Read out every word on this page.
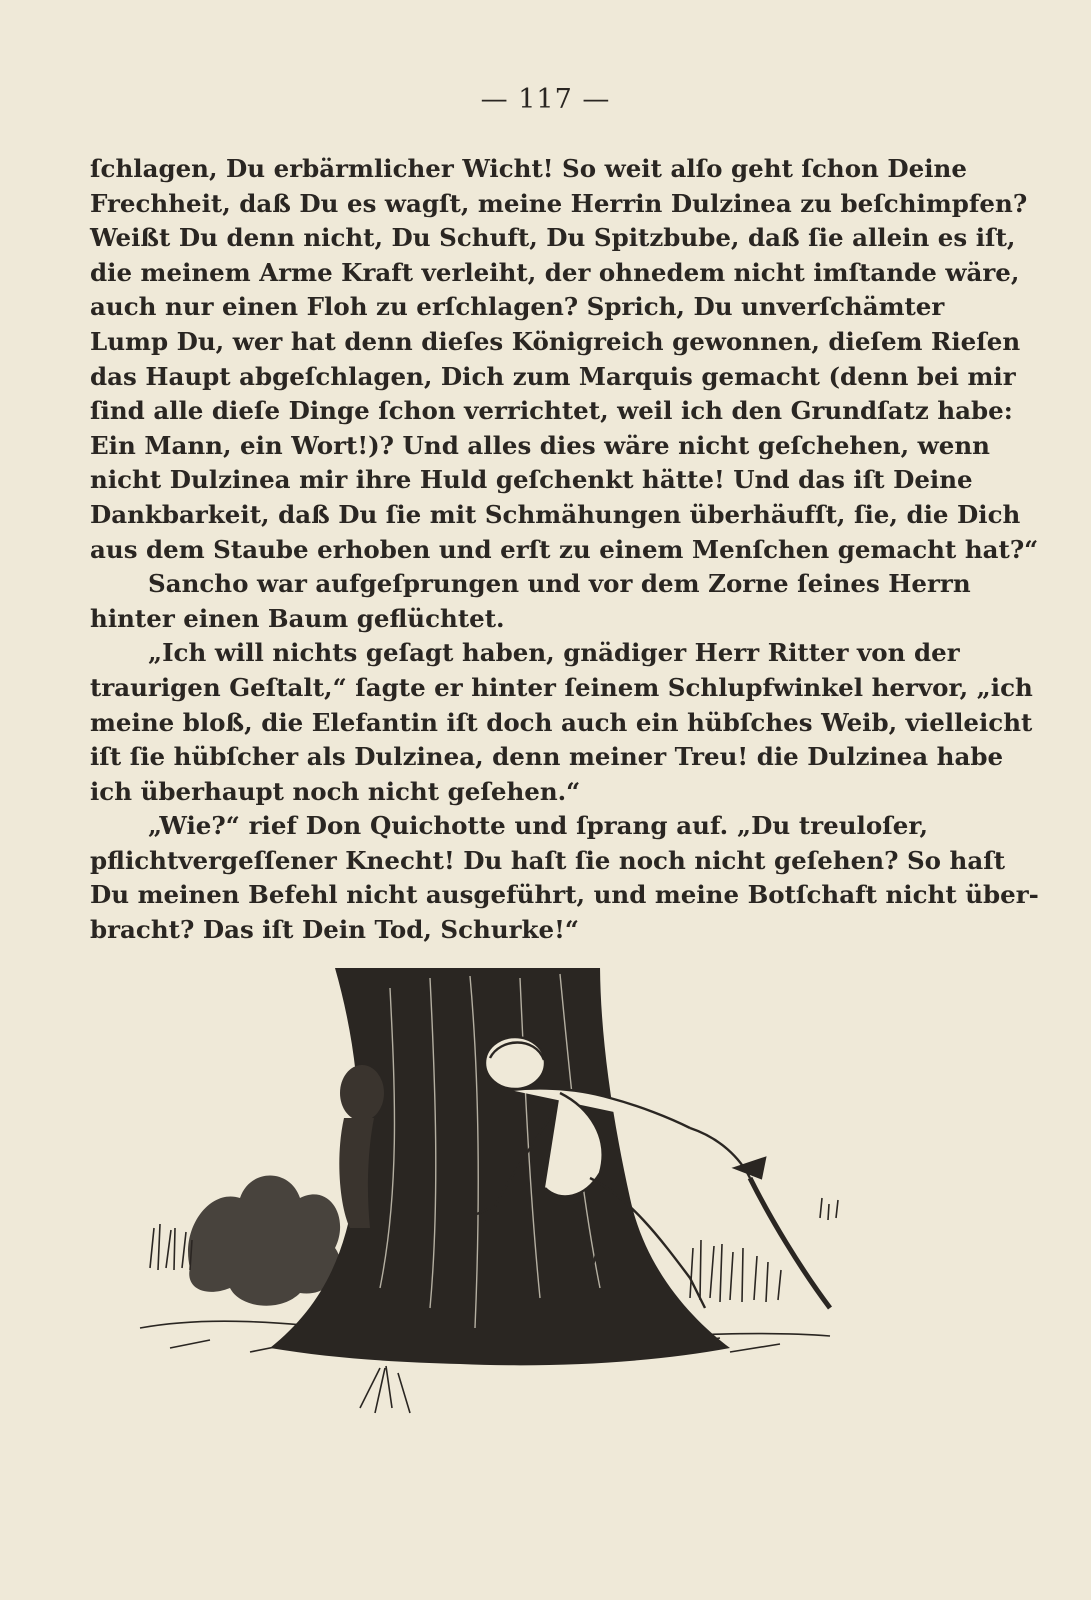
— 117 —
ſchlagen, Du erbärmlicher Wicht! So weit alſo geht ſchon Deine
Frechheit, daß Du es wagſt, meine Herrin Dulzinea zu beſchimpfen?
Weißt Du denn nicht, Du Schuft, Du Spitzbube, daß ſie allein es iſt,
die meinem Arme Kraft verleiht, der ohnedem nicht imſtande wäre,
auch nur einen Floh zu erſchlagen? Sprich, Du unverſchämter
Lump Du, wer hat denn dieſes Königreich gewonnen, dieſem Rieſen
das Haupt abgeſchlagen, Dich zum Marquis gemacht (denn bei mir
ſind alle dieſe Dinge ſchon verrichtet, weil ich den Grundſatz habe:
Ein Mann, ein Wort!)? Und alles dies wäre nicht geſchehen, wenn
nicht Dulzinea mir ihre Huld geſchenkt hätte! Und das iſt Deine
Dankbarkeit, daß Du ſie mit Schmähungen überhäufſt, ſie, die Dich
aus dem Staube erhoben und erſt zu einem Menſchen gemacht hat?“
Sancho war aufgeſprungen und vor dem Zorne ſeines Herrn
hinter einen Baum geflüchtet.
„Ich will nichts geſagt haben, gnädiger Herr Ritter von der
traurigen Geſtalt,“ ſagte er hinter ſeinem Schlupfwinkel hervor, „ich
meine bloß, die Elefantin iſt doch auch ein hübſches Weib, vielleicht
iſt ſie hübſcher als Dulzinea, denn meiner Treu! die Dulzinea habe
ich überhaupt noch nicht geſehen.“
„Wie?“ rief Don Quichotte und ſprang auf. „Du treuloſer,
pflichtvergeſſener Knecht! Du haſt ſie noch nicht geſehen? So haſt
Du meinen Befehl nicht ausgeführt, und meine Botſchaft nicht über-
bracht? Das iſt Dein Tod, Schurke!“
